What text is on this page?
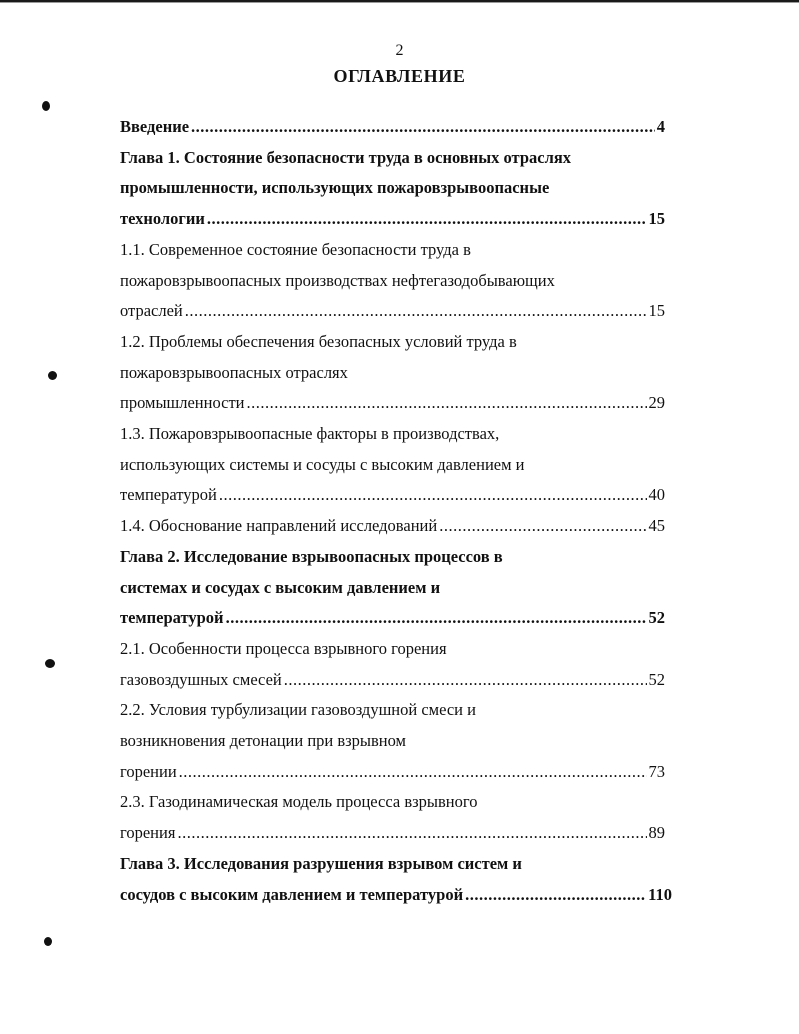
2
ОГЛАВЛЕНИЕ
Введение .....	4
Глава 1. Состояние безопасности труда в основных отраслях
промышленности, использующих пожаровзрывоопасные
технологии .....	15
1.1. Современное состояние безопасности труда в
пожаровзрывоопасных производствах нефтегазодобывающих
отраслей .....	15
1.2. Проблемы обеспечения безопасных условий труда в
пожаровзрывоопасных отраслях
промышленности .....	29
1.3. Пожаровзрывоопасные факторы в производствах,
использующих системы и сосуды с высоким давлением и
температурой .....	40
1.4. Обоснование направлений исследований .....	45
Глава 2. Исследование взрывоопасных процессов в
системах и сосудах с высоким давлением и
температурой .....	52
2.1. Особенности процесса взрывного горения
газовоздушных смесей .....	52
2.2. Условия турбулизации газовоздушной смеси и
возникновения детонации при взрывном
горении .....	73
2.3. Газодинамическая модель процесса взрывного
горения .....	89
Глава 3. Исследования разрушения взрывом систем и
сосудов с высоким давлением и температурой .....	110
